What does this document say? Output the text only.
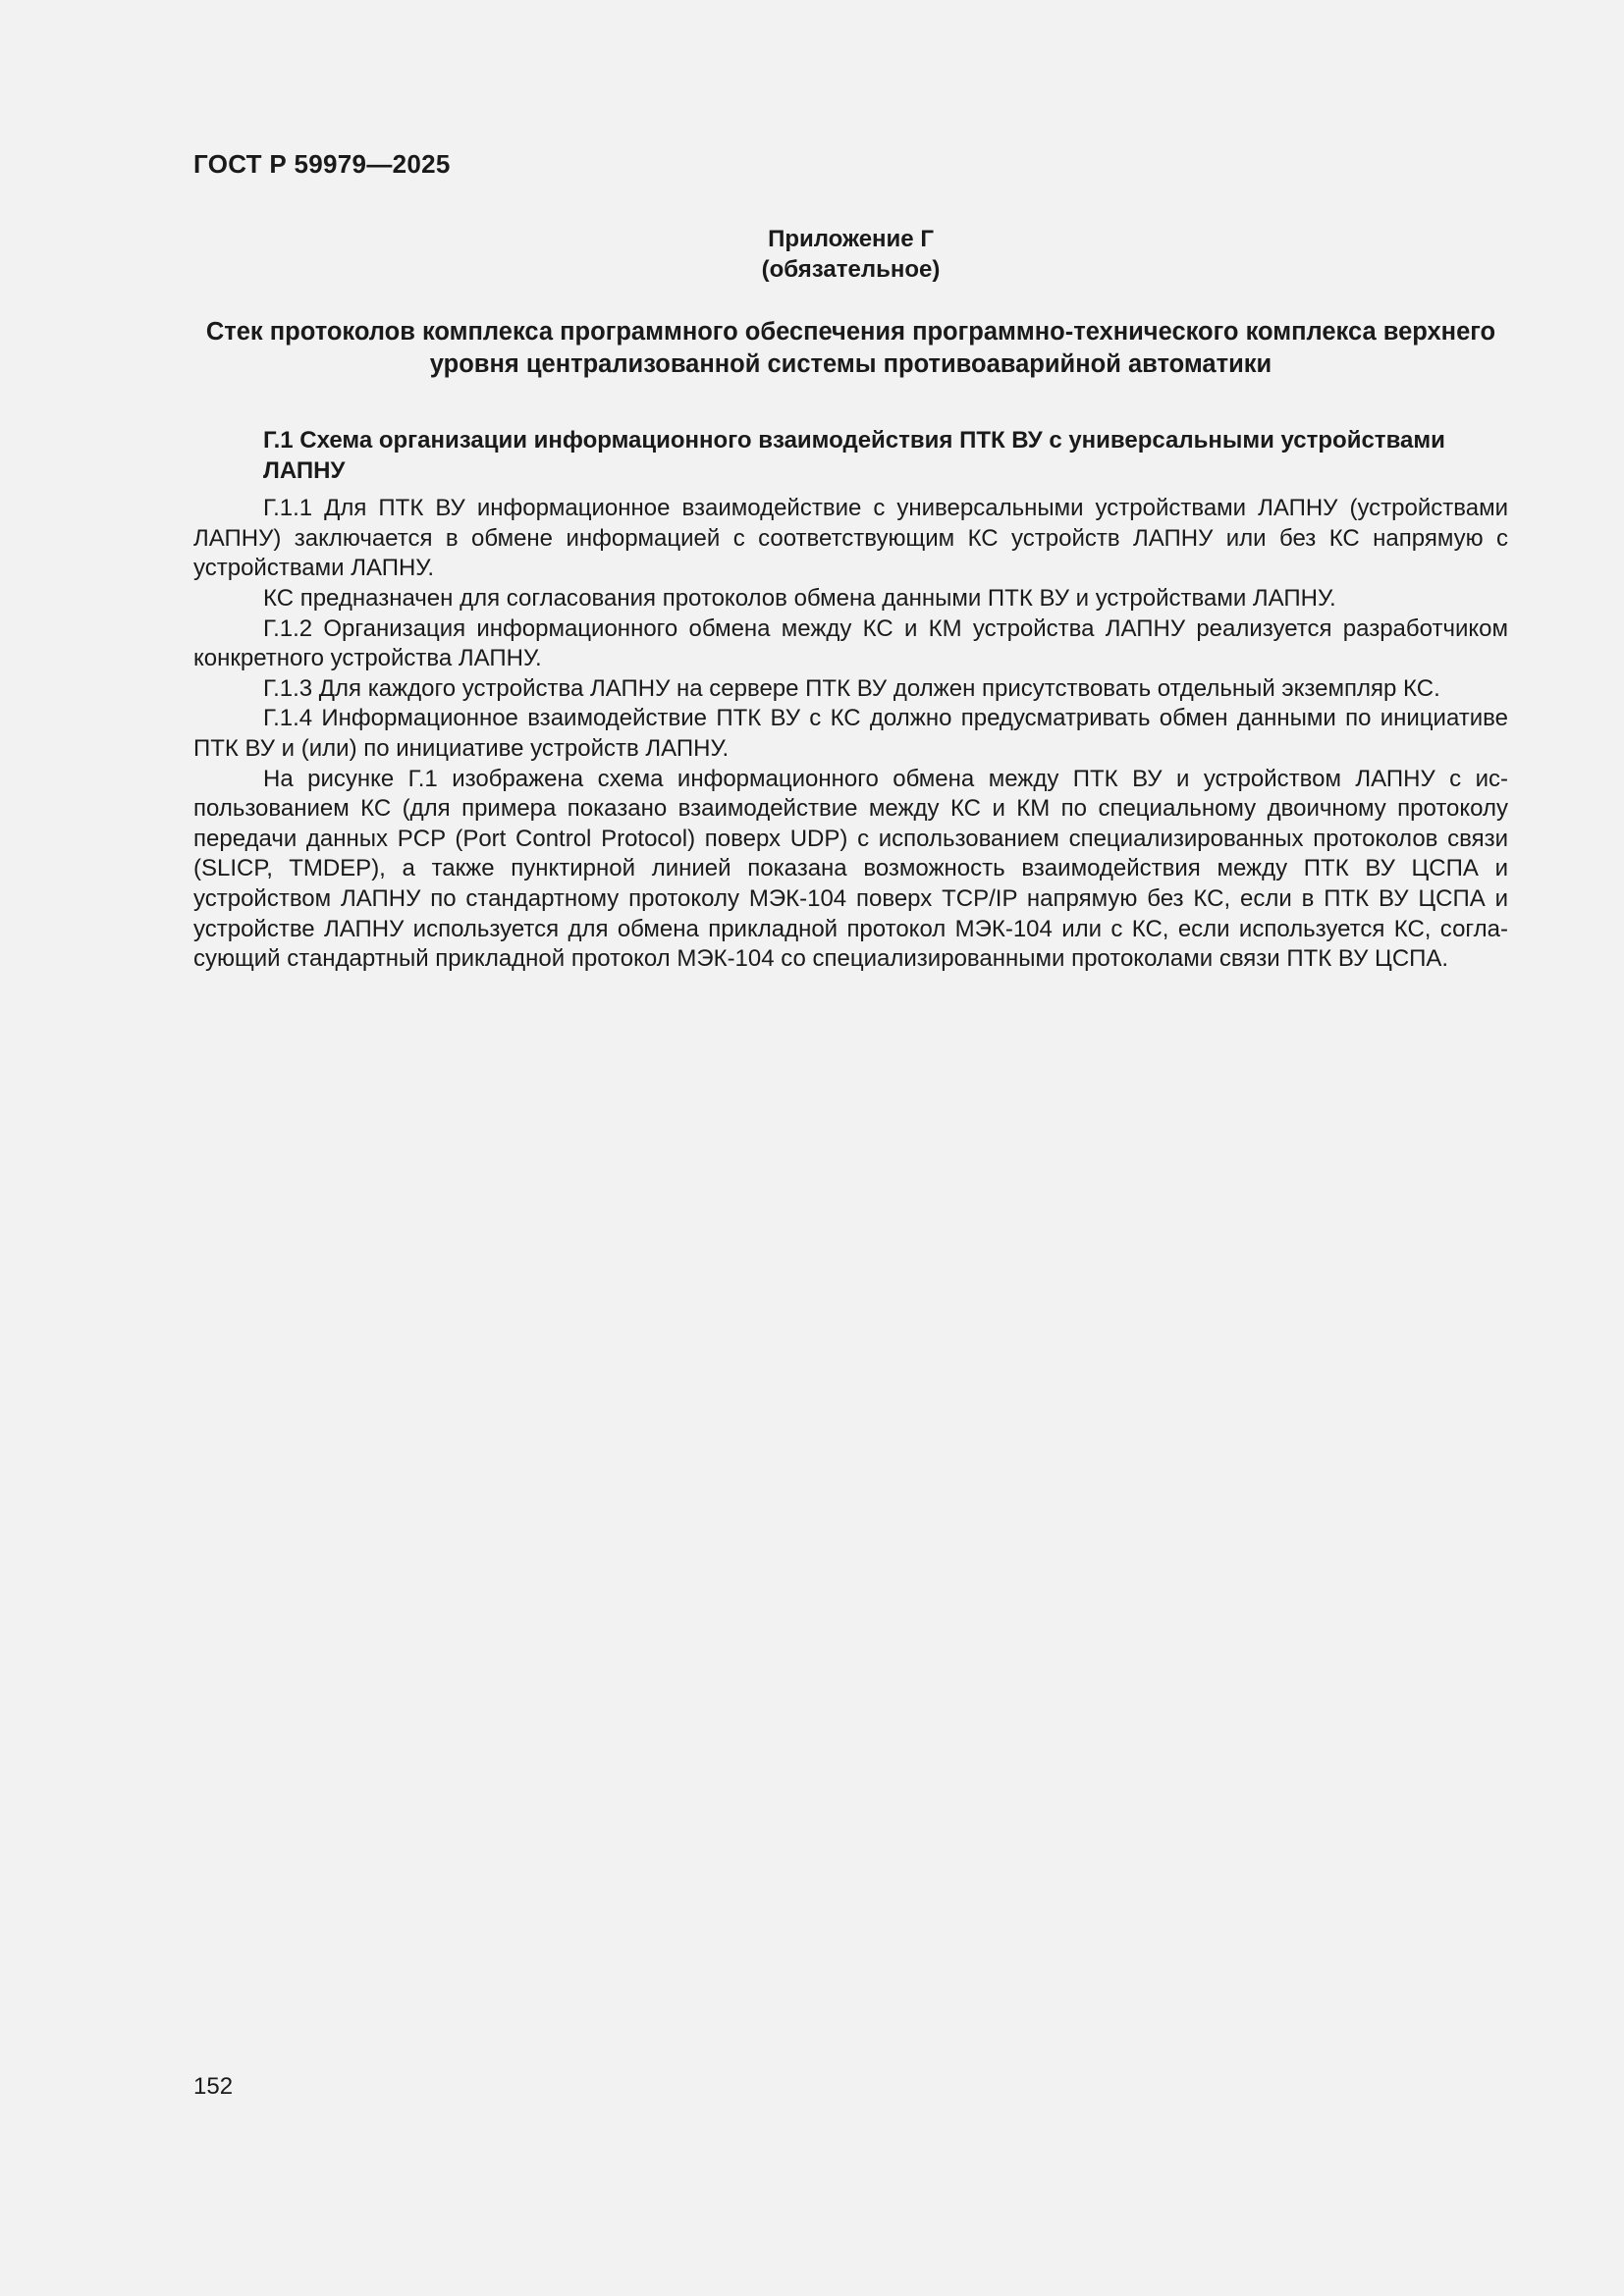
ГОСТ Р 59979—2025
Приложение Г
(обязательное)
Стек протоколов комплекса программного обеспечения программно-технического комплекса верхнего уровня централизованной системы противоаварийной автоматики
Г.1 Схема организации информационного взаимодействия ПТК ВУ с универсальными устройствами ЛАПНУ

Г.1.1 Для ПТК ВУ информационное взаимодействие с универсальными устройствами ЛАПНУ (устройствами ЛАПНУ) заключается в обмене информацией с соответствующим КС устройств ЛАПНУ или без КС напрямую с устройствами ЛАПНУ.

КС предназначен для согласования протоколов обмена данными ПТК ВУ и устройствами ЛАПНУ.

Г.1.2 Организация информационного обмена между КС и КМ устройства ЛАПНУ реализуется разработчиком конкретного устройства ЛАПНУ.

Г.1.3 Для каждого устройства ЛАПНУ на сервере ПТК ВУ должен присутствовать отдельный экземпляр КС.

Г.1.4 Информационное взаимодействие ПТК ВУ с КС должно предусматривать обмен данными по инициативе ПТК ВУ и (или) по инициативе устройств ЛАПНУ.

На рисунке Г.1 изображена схема информационного обмена между ПТК ВУ и устройством ЛАПНУ с использованием КС (для примера показано взаимодействие между КС и КМ по специальному двоичному протоколу передачи данных PCP (Port Control Protocol) поверх UDP) с использованием специализированных протоколов связи (SLICP, TMDEP), а также пунктирной линией показана возможность взаимодействия между ПТК ВУ ЦСПА и устройством ЛАПНУ по стандартному протоколу МЭК-104 поверх TCP/IP напрямую без КС, если в ПТК ВУ ЦСПА и устройстве ЛАПНУ используется для обмена прикладной протокол МЭК-104 или с КС, если используется КС, согласующий стандартный прикладной протокол МЭК-104 со специализированными протоколами связи ПТК ВУ ЦСПА.

152
